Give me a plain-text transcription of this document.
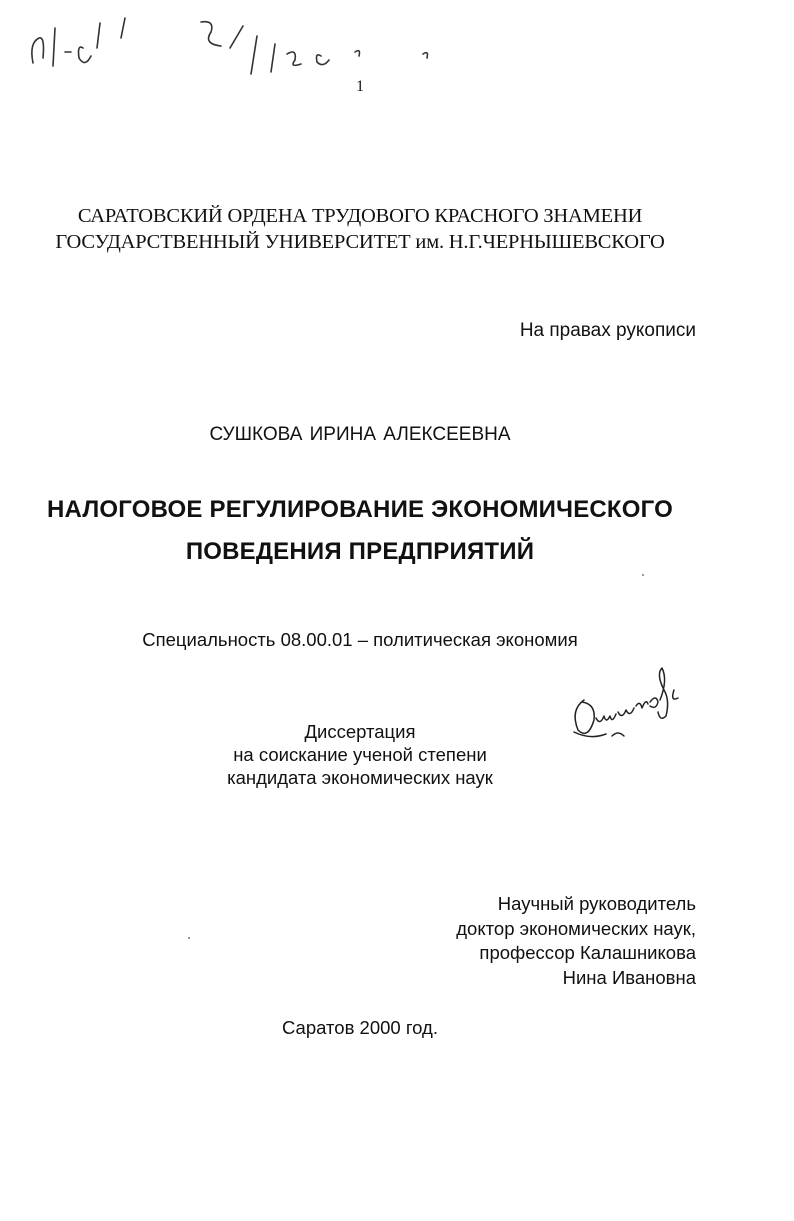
1
САРАТОВСКИЙ ОРДЕНА ТРУДОВОГО КРАСНОГО ЗНАМЕНИ
ГОСУДАРСТВЕННЫЙ УНИВЕРСИТЕТ им. Н.Г.ЧЕРНЫШЕВСКОГО
На правах рукописи
СУШКОВА ИРИНА АЛЕКСЕЕВНА
НАЛОГОВОЕ РЕГУЛИРОВАНИЕ ЭКОНОМИЧЕСКОГО
ПОВЕДЕНИЯ ПРЕДПРИЯТИЙ
Специальность 08.00.01 – политическая экономия
Диссертация
на соискание ученой степени
кандидата экономических наук
Научный руководитель
доктор экономических наук,
профессор Калашникова
Нина Ивановна
Саратов 2000 год.
